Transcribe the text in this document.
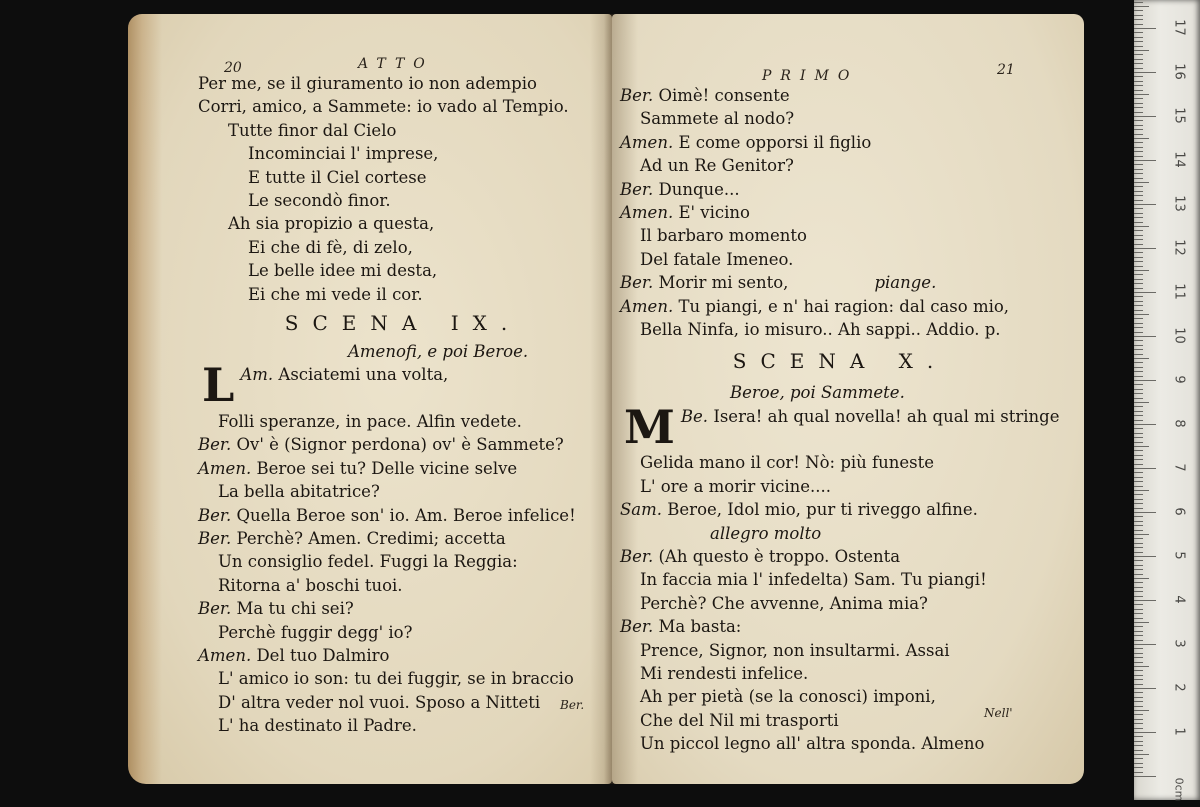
20	ATTO
Per me, se il giuramento io non adempio
Corri, amico, a Sammete: io vado al Tempio.
Tutte finor dal Cielo
Incominciai l' imprese,
E tutte il Ciel cortese
Le secondò finor.
Ah sia propizio a questa,
Ei che di fè, di zelo,
Le belle idee mi desta,
Ei che mi vede il cor.
SCENA IX.
Amenofi, e poi Beroe.
Am.
L	Asciatemi una volta,
Folli speranze, in pace. Alfin vedete.
Ber. Ov' è (Signor perdona) ov' è Sammete?
Amen. Beroe sei tu? Delle vicine selve
La bella abitatrice?
Ber. Quella Beroe son' io. Am. Beroe infelice!
Ber. Perchè? Amen. Credimi; accetta
Un consiglio fedel. Fuggi la Reggia:
Ritorna a' boschi tuoi.
Ber. Ma tu chi sei?
Perchè fuggir degg' io?
Amen. Del tuo Dalmiro
L' amico io son: tu dei fuggir, se in braccio
D' altra veder nol vuoi. Sposo a Nitteti
L' ha destinato il Padre.
Ber.
PRIMO	21
Ber. Oimè! consente
Sammete al nodo?
Amen. E come opporsi il figlio
Ad un Re Genitor?
Ber. Dunque...
Amen. E' vicino
Il barbaro momento
Del fatale Imeneo.
Ber. Morir mi sento,	piange.
Amen. Tu piangi, e n' hai ragion: dal caso mio,
Bella Ninfa, io misuro.. Ah sappi.. Addio. p.
SCENA X.
Beroe, poi Sammete.
Be.
M Isera! ah qual novella! ah qual mi stringe
Gelida mano il cor! Nò: più funeste
L' ore a morir vicine....
Sam. Beroe, Idol mio, pur ti riveggo alfine.
allegro molto
Ber. (Ah questo è troppo. Ostenta
In faccia mia l' infedelta) Sam. Tu piangi!
Perchè? Che avvenne, Anima mia?
Ber. Ma basta:
Prence, Signor, non insultarmi. Assai
Mi rendesti infelice.
Ah per pietà (se la conosci) imponi,
Che del Nil mi trasporti
Un piccol legno all' altra sponda. Almeno
Nell'
0cm
1
2
3
4
5
6
7
8
9
10
11
12
13
14
15
16
17
